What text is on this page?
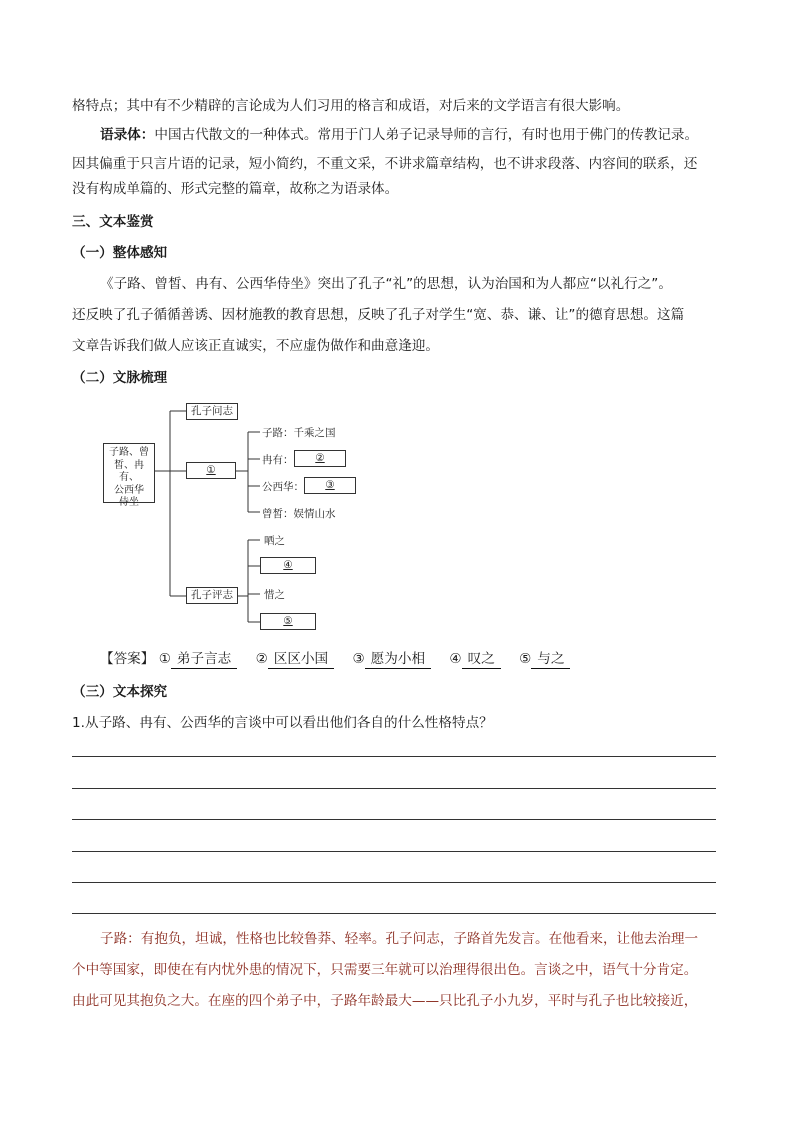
格特点；其中有不少精辟的言论成为人们习用的格言和成语，对后来的文学语言有很大影响。
语录体：中国古代散文的一种体式。常用于门人弟子记录导师的言行，有时也用于佛门的传教记录。
因其偏重于只言片语的记录，短小简约，不重文采，不讲求篇章结构，也不讲求段落、内容间的联系，还
没有构成单篇的、形式完整的篇章，故称之为语录体。
三、文本鉴赏
（一）整体感知
《子路、曾皙、冉有、公西华侍坐》突出了孔子“礼”的思想，认为治国和为人都应“以礼行之”。
还反映了孔子循循善诱、因材施教的教育思想，反映了孔子对学生“宽、恭、谦、让”的德育思想。这篇
文章告诉我们做人应该正直诚实，不应虚伪做作和曲意逢迎。
（二）文脉梳理
子路、曾
皙、冉有、
公西华
侍坐
孔子问志
①
孔子评志
子路：千乘之国
冉有：	②
公西华：	③
曾皙：娱情山水
哂之
④
惜之
⑤
【答案】 ① 弟子言志 ② 区区小国 ③ 愿为小相 ④ 叹之 ⑤ 与之
（三）文本探究
1.从子路、冉有、公西华的言谈中可以看出他们各自的什么性格特点？
子路：有抱负，坦诚，性格也比较鲁莽、轻率。孔子问志，子路首先发言。在他看来，让他去治理一
个中等国家，即使在有内忧外患的情况下，只需要三年就可以治理得很出色。言谈之中，语气十分肯定。
由此可见其抱负之大。在座的四个弟子中，子路年龄最大——只比孔子小九岁，平时与孔子也比较接近，
